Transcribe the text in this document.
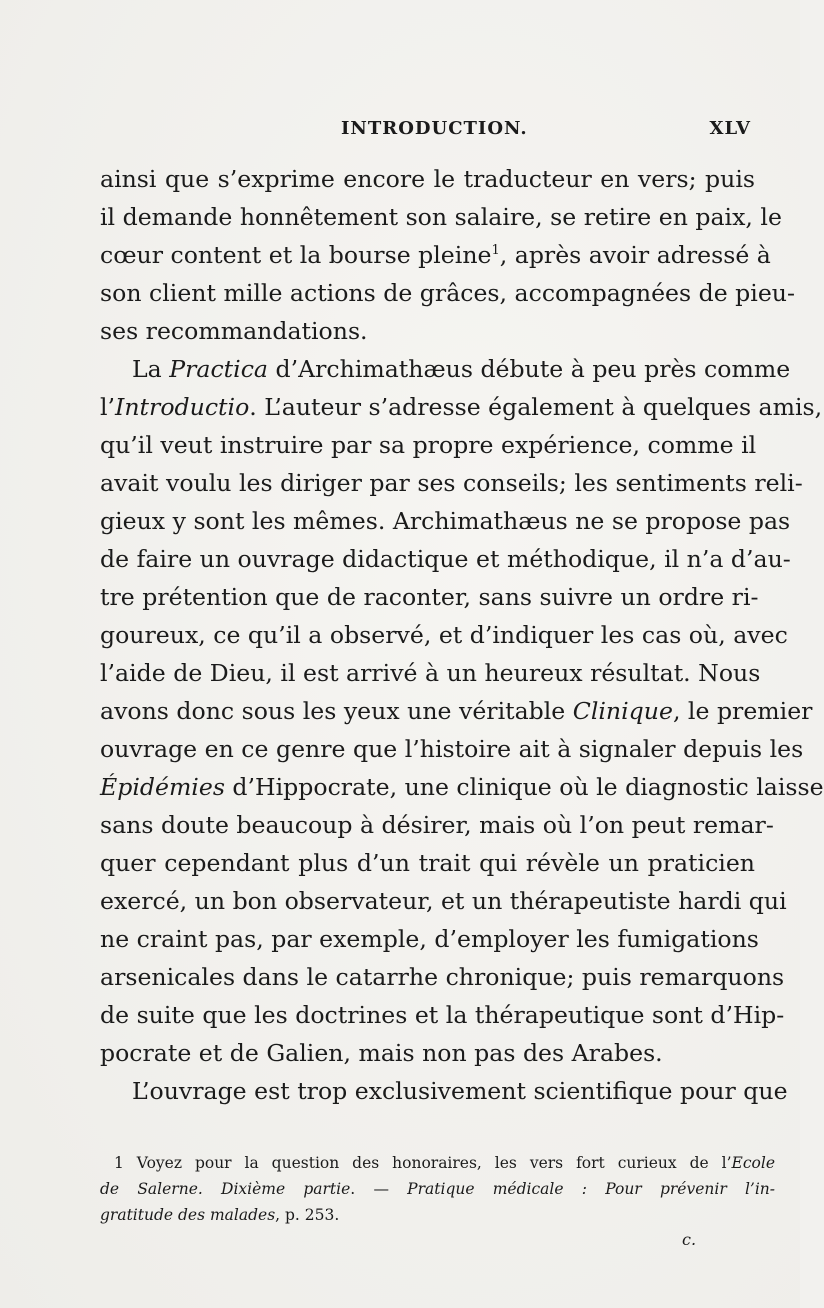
INTRODUCTION.	XLV
ainsi que s’exprime encore le traducteur en vers; puis
il demande honnêtement son salaire, se retire en paix, le
cœur content et la bourse pleine$^1$, après avoir adressé à
son client mille actions de grâces, accompagnées de pieu-
ses recommandations.
La Practica d’Archimathæus débute à peu près comme
l’Introductio. L’auteur s’adresse également à quelques amis,
qu’il veut instruire par sa propre expérience, comme il
avait voulu les diriger par ses conseils; les sentiments reli-
gieux y sont les mêmes. Archimathæus ne se propose pas
de faire un ouvrage didactique et méthodique, il n’a d’au-
tre prétention que de raconter, sans suivre un ordre ri-
goureux, ce qu’il a observé, et d’indiquer les cas où, avec
l’aide de Dieu, il est arrivé à un heureux résultat. Nous
avons donc sous les yeux une véritable Clinique, le premier
ouvrage en ce genre que l’histoire ait à signaler depuis les
Épidémies d’Hippocrate, une clinique où le diagnostic laisse
sans doute beaucoup à désirer, mais où l’on peut remar-
quer cependant plus d’un trait qui révèle un praticien
exercé, un bon observateur, et un thérapeutiste hardi qui
ne craint pas, par exemple, d’employer les fumigations
arsenicales dans le catarrhe chronique; puis remarquons
de suite que les doctrines et la thérapeutique sont d’Hip-
pocrate et de Galien, mais non pas des Arabes.
L’ouvrage est trop exclusivement scientifique pour que
1 Voyez pour la question des honoraires, les vers fort curieux de l’Ecole
de Salerne. Dixième partie. — Pratique médicale : Pour prévenir l’in-
gratitude des malades, p. 253.
c.
